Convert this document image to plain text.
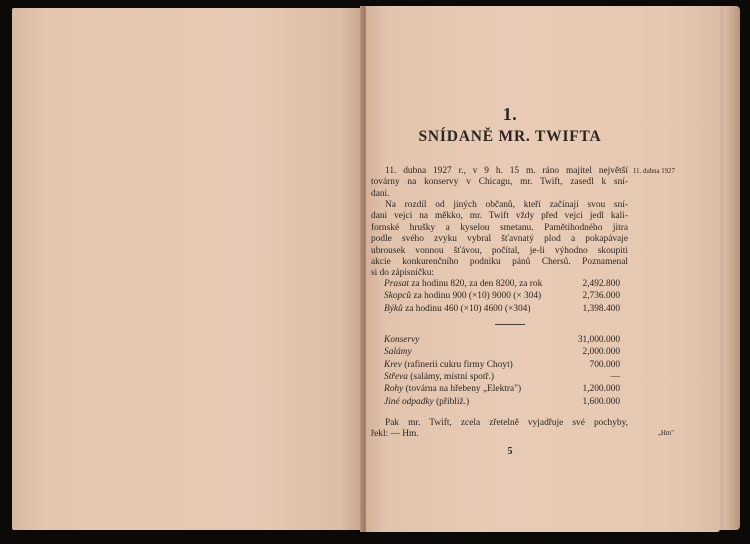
1.
SNÍDANĚ MR. TWIFTA
11. dubna 1927 r., v 9 h. 15 m. ráno majitel největší
továrny na konservy v Chicagu, mr. Twift, zasedl k sní-
dani.
11. dubna 1927
Na rozdíl od jiných občanů, kteří začínají svou sní-
dani vejci na měkko, mr. Twift vždy před vejci jedl kali-
fornské hrušky a kyselou smetanu. Pamětihodného jitra
podle svého zvyku vybral šťavnatý plod a pokapávaje
ubrousek vonnou šťávou, počítal, je-li výhodno skoupiti
akcie konkurenčního podniku pánů Chersů. Poznamenal
si do zápisníčku:
Prasat za hodinu 820, za den 8200, za rok	2,492.800
Skopců za hodinu 900 (×10) 9000 (× 304)	2,736.000
Býků za hodinu 460 (×10) 4600 (×304)	1,398.400
Konservy	31,000.000
Salámy	2,000.000
Krev (rafinerii cukru firmy Choyt)	700.000
Střeva (salámy, místní spotř.)	—
Rohy (továrna na hřebeny „Elektra")	1,200.000
Jiné odpadky (přibliž.)	1,600.000
Pak mr. Twift, zcela zřetelně vyjadřuje své pochyby,
řekl: — Hm.	„Hm"
5
